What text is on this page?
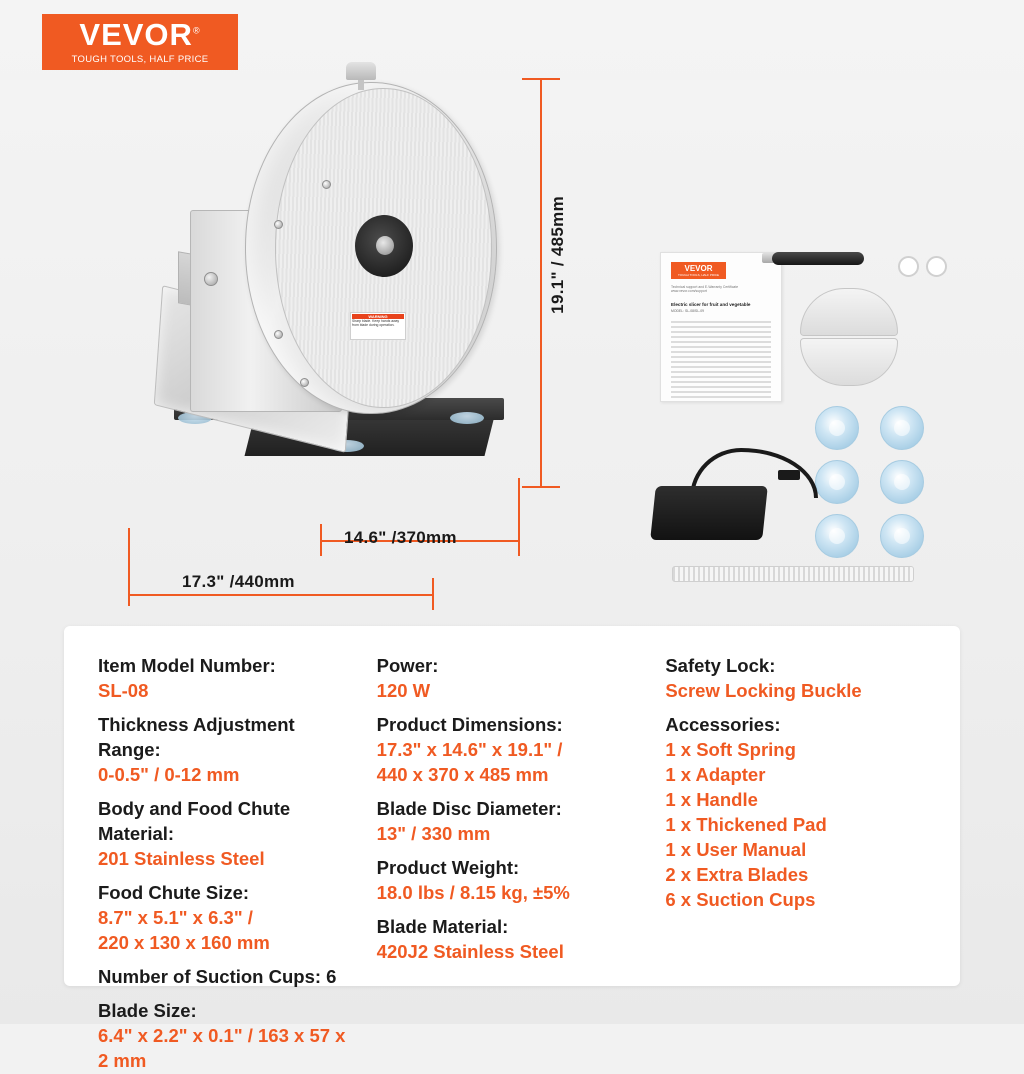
VEVOR®
TOUGH TOOLS, HALF PRICE
WARNING
Sharp blade. Keep hands away from blade during operation.
19.1" / 485mm
14.6" /370mm
17.3" /440mm
VEVOR
TOUGH TOOLS, HALF PRICE
Technical support and E-Warranty Certificate www.vevor.com/support
Electric slicer for fruit and vegetable
MODEL: SL-08/SL-09
Item Model Number:
SL-08
Thickness Adjustment Range:
0-0.5" / 0-12 mm
Body and Food Chute Material:
201 Stainless Steel
Food Chute Size:
8.7" x 5.1" x 6.3" /
220 x 130 x 160 mm
Number of Suction Cups: 6
Blade Size:
6.4" x 2.2" x 0.1" / 163 x 57 x 2 mm
Power:
120 W
Product Dimensions:
17.3" x 14.6" x 19.1" /
440 x 370 x 485 mm
Blade Disc Diameter:
13" / 330 mm
Product Weight:
18.0 lbs / 8.15 kg, ±5%
Blade Material:
420J2 Stainless Steel
Safety Lock:
Screw Locking Buckle
Accessories:
1 x Soft Spring
1 x Adapter
1 x Handle
1 x Thickened Pad
1 x User Manual
2 x Extra Blades
6 x Suction Cups
